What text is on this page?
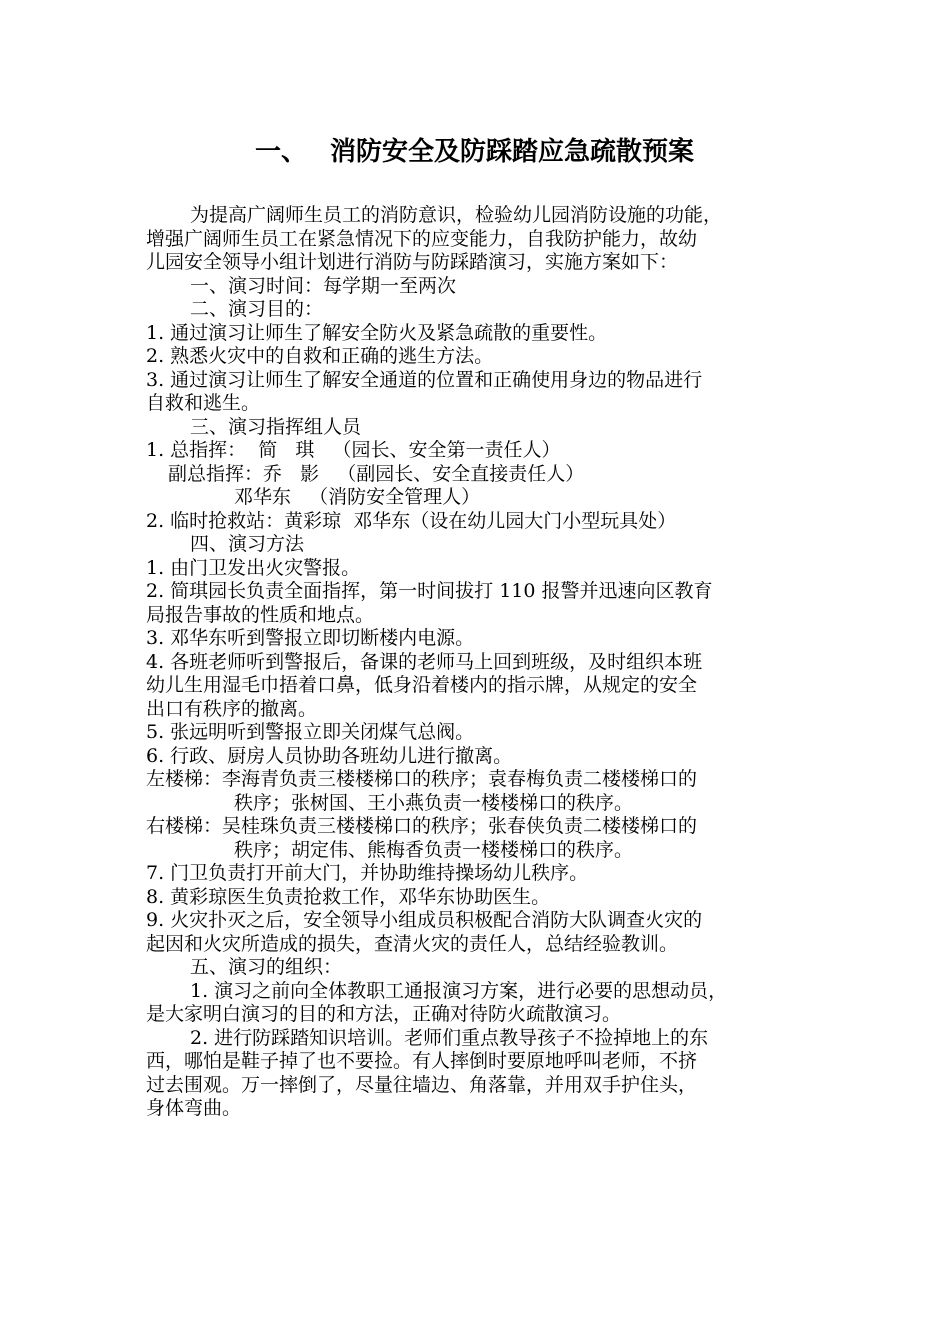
一、 消防安全及防踩踏应急疏散预案
为提高广阔师生员工的消防意识，检验幼儿园消防设施的功能，
增强广阔师生员工在紧急情况下的应变能力，自我防护能力，故幼
儿园安全领导小组计划进行消防与防踩踏演习，实施方案如下：
一、演习时间：每学期一至两次
二、演习目的：
1. 通过演习让师生了解安全防火及紧急疏散的重要性。
2. 熟悉火灾中的自救和正确的逃生方法。
3. 通过演习让师生了解安全通道的位置和正确使用身边的物品进行
自救和逃生。
三、演习指挥组人员
1. 总指挥：  简   琪   （园长、安全第一责任人）
副总指挥：乔   影   （副园长、安全直接责任人）
邓华东   （消防安全管理人）
2. 临时抢救站：黄彩琼  邓华东（设在幼儿园大门小型玩具处）
四、演习方法
1. 由门卫发出火灾警报。
2. 简琪园长负责全面指挥，第一时间拔打 110 报警并迅速向区教育
局报告事故的性质和地点。
3. 邓华东听到警报立即切断楼内电源。
4. 各班老师听到警报后，备课的老师马上回到班级，及时组织本班
幼儿生用湿毛巾捂着口鼻，低身沿着楼内的指示牌，从规定的安全
出口有秩序的撤离。
5. 张远明听到警报立即关闭煤气总阀。
6. 行政、厨房人员协助各班幼儿进行撤离。
左楼梯：李海青负责三楼楼梯口的秩序；袁春梅负责二楼楼梯口的
秩序；张树国、王小燕负责一楼楼梯口的秩序。
右楼梯：吴桂珠负责三楼楼梯口的秩序；张春侠负责二楼楼梯口的
秩序；胡定伟、熊梅香负责一楼楼梯口的秩序。
7. 门卫负责打开前大门，并协助维持操场幼儿秩序。
8. 黄彩琼医生负责抢救工作，邓华东协助医生。
9. 火灾扑灭之后，安全领导小组成员积极配合消防大队调查火灾的
起因和火灾所造成的损失，查清火灾的责任人，总结经验教训。
五、演习的组织：
1. 演习之前向全体教职工通报演习方案，进行必要的思想动员，
是大家明白演习的目的和方法，正确对待防火疏散演习。
2. 进行防踩踏知识培训。老师们重点教导孩子不捡掉地上的东
西，哪怕是鞋子掉了也不要捡。有人摔倒时要原地呼叫老师，不挤
过去围观。万一摔倒了，尽量往墙边、角落靠，并用双手护住头，
身体弯曲。
